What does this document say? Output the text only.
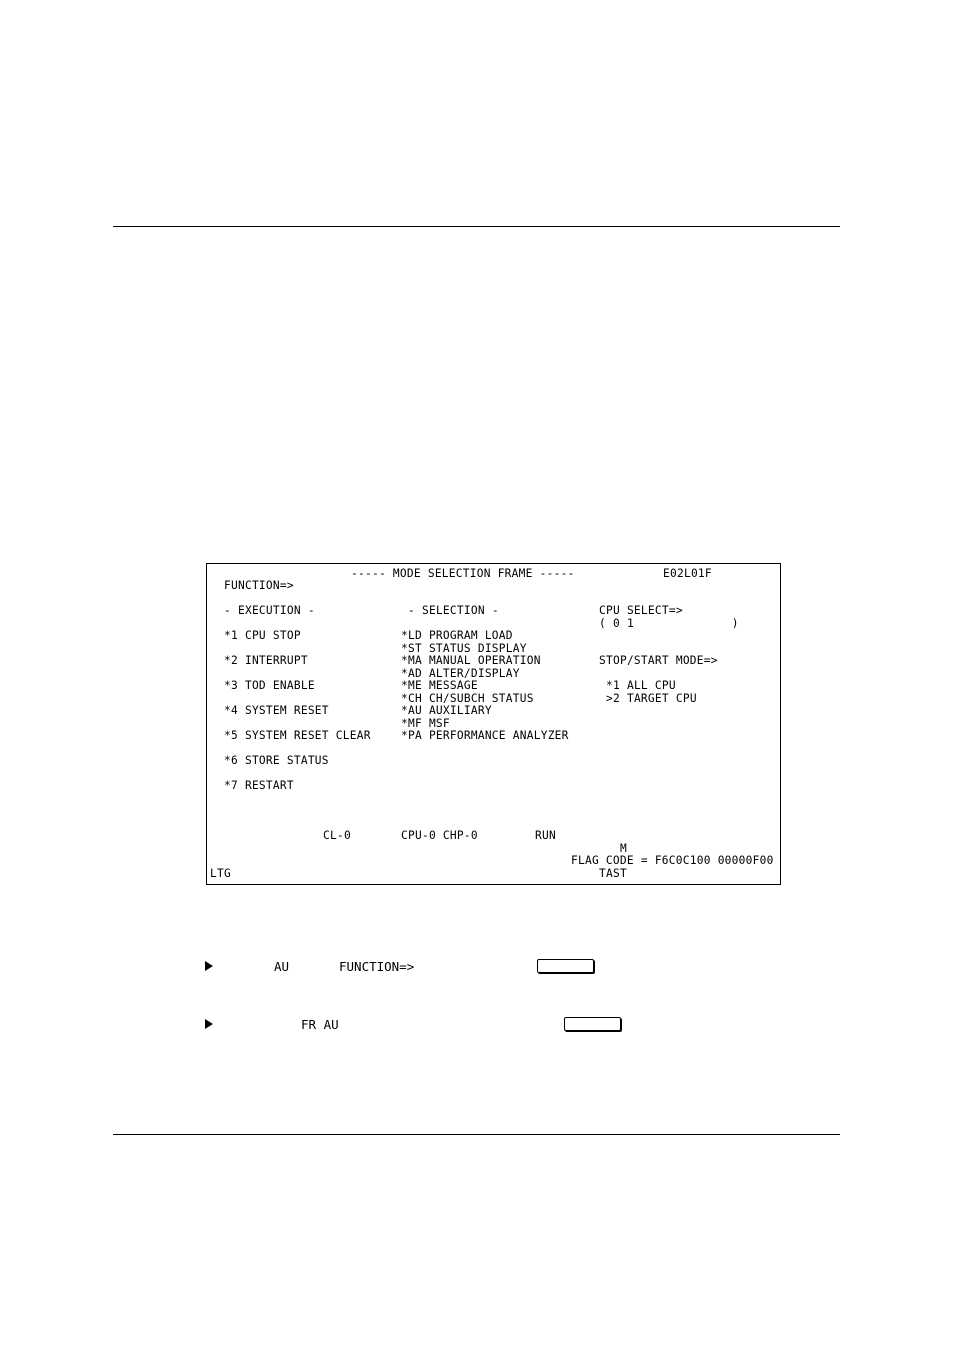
----- MODE SELECTION FRAME -----	E02L01F
FUNCTION=>
- EXECUTION -	- SELECTION -	CPU SELECT=>
( 0 1              )
*1 CPU STOP
*2 INTERRUPT
*3 TOD ENABLE
*4 SYSTEM RESET
*5 SYSTEM RESET CLEAR
*6 STORE STATUS
*7 RESTART
*LD PROGRAM LOAD
*ST STATUS DISPLAY
*MA MANUAL OPERATION
*AD ALTER/DISPLAY
*ME MESSAGE
*CH CH/SUBCH STATUS
*AU AUXILIARY
*MF MSF
*PA PERFORMANCE ANALYZER
STOP/START MODE=>
*1 ALL CPU
>2 TARGET CPU
CL-0	CPU-0 CHP-0	RUN
M
FLAG CODE = F6C0C100 00000F00
LTG	TAST
AU	FUNCTION=>
FR AU
